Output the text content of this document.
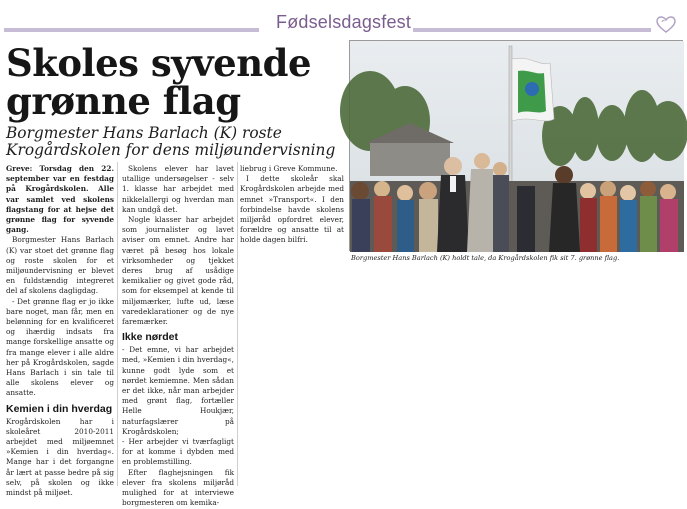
Fødselsdagsfest
Skoles syvende
grønne flag
Borgmester Hans Barlach (K) roste Krogårdskolen for dens miljøundervisning
Borgmester Hans Barlach (K) holdt tale, da Krogårdskolen fik sit 7. grønne flag.

Greve: Torsdag den 22. september var en festdag på Krogårdskolen. Alle var samlet ved skolens flagstang for at hejse det grønne flag for syvende gang.

Borgmester Hans Barlach (K) var stoet det grønne flag og roste skolen for et miljøundervisning er blevet en fuldstændig integreret del af skolens dagligdag.

- Det grønne flag er jo ikke bare noget, man får, men en belønning for en kvalificeret og ihærdig indsats fra mange forskellige ansatte og fra mange elever i alle aldre her på Krogårdskolen, sagde Hans Barlach i sin tale til alle skolens elever og ansatte.

Kemien i din hverdag

Krogårdskolen har i skoleåret 2010-2011 arbejdet med miljøemnet »Kemien i din hverdag«. Mange har i det forgangne år lært at passe bedre på sig selv, på skolen og ikke mindst på miljøet.

Skolens elever har lavet utallige undersøgelser - selv 1. klasse har arbejdet med nikkelallergi og hverdan man kan undgå det.

Nogle klasser har arbejdet som journalister og lavet aviser om emnet. Andre har været på besøg hos lokale virksomheder og tjekket deres brug af usådige kemikalier og givet gode råd, som for eksempel at kende til miljømærker, lufte ud, læse varedeklarationer og de nye faremærker.

Ikke nørdet

- Det emne, vi har arbejdet med, »Kemien i din hverdag«, kunne godt lyde som et nørdet kemiemne. Men sådan er det ikke, når man arbejder med grønt flag, fortæller Helle Houkjær, naturfagslærer på Krogårdskolen;

- Her arbejder vi tværfagligt for at komme i dybden med en problemstilling.

Efter flaghejsningen fik elever fra skolens miljøråd mulighed for at interviewe borgmesteren om kemika-

liebrug i Greve Kommune.

I dette skoleår skal Krogårdskolen arbejde med emnet »Transport«. I den forbindelse havde skolens miljøråd opfordret elever, forældre og ansatte til at holde dagen bilfri.
